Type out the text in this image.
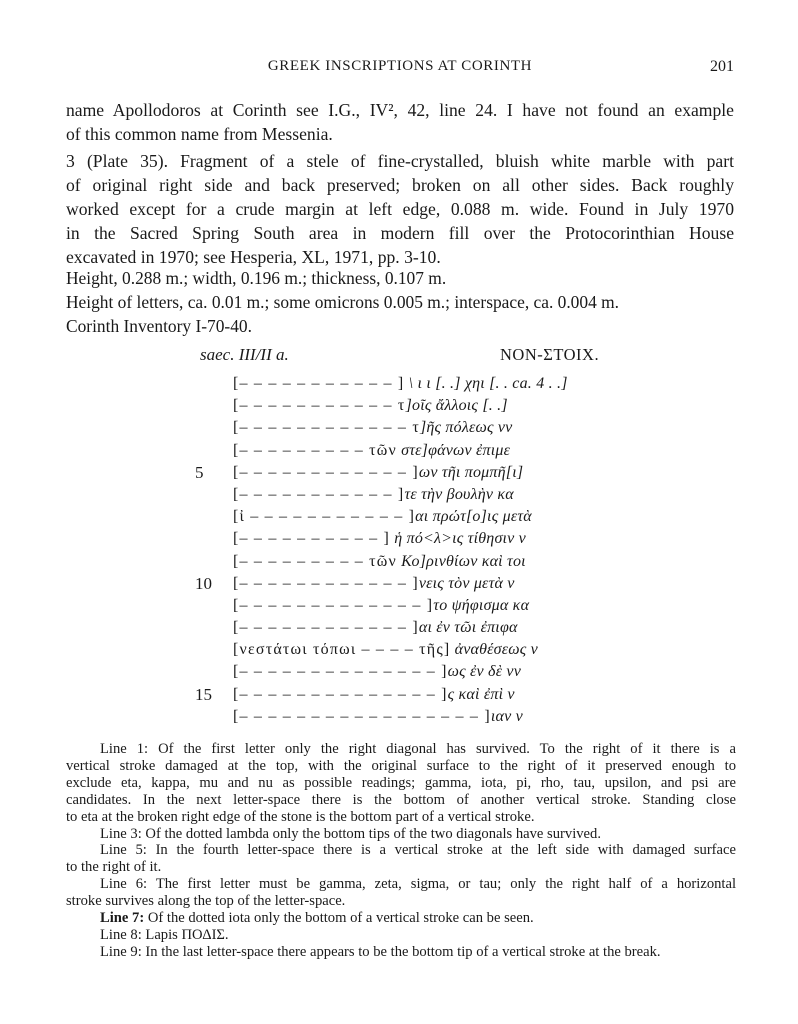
GREEK INSCRIPTIONS AT CORINTH	201
name Apollodoros at Corinth see I.G., IV², 42, line 24. I have not found an example
of this common name from Messenia.
3 (Plate 35). Fragment of a stele of fine-crystalled, bluish white marble with part
of original right side and back preserved; broken on all other sides. Back roughly
worked except for a crude margin at left edge, 0.088 m. wide. Found in July 1970
in the Sacred Spring South area in modern fill over the Protocorinthian House
excavated in 1970; see Hesperia, XL, 1971, pp. 3-10.
Height, 0.288 m.; width, 0.196 m.; thickness, 0.107 m.
Height of letters, ca. 0.01 m.; some omicrons 0.005 m.; interspace, ca. 0.004 m.
Corinth Inventory I-70-40.
saec. III/II a.	NON-ΣΤΟΙΧ.
[– – – – – – – – – – – ] \ ι ι [. .] χηι [. . ca. 4 . .]
[– – – – – – – – – – – τ]οῖς ἄλλοις [. .]
[– – – – – – – – – – – – τ]ῆς πόλεως vv
[– – – – – – – – – τῶν στε]φάνων ἐπιμε
5	[– – – – – – – – – – – – ]ων τῆι πομπῆ[ι]
[– – – – – – – – – – – ]τε τὴν βουλὴν κα
[ἰ – – – – – – – – – – – ]αι πρώτ[ο]ις μετὰ
[– – – – – – – – – – ] ἡ πό<λ>ις τίθησιν v
[– – – – – – – – – τῶν Κο]ρινθίων καὶ τοι
10	[– – – – – – – – – – – – ]νεις τὸν μετὰ v
[– – – – – – – – – – – – – ]το ψήφισμα κα
[– – – – – – – – – – – – ]αι ἐν τῶι ἐπιφα
[νεστάτωι τόπωι – – – – τῆς] ἀναθέσεως v
[– – – – – – – – – – – – – – ]ως ἐν δὲ vv
15	[– – – – – – – – – – – – – – ]ς καὶ ἐπὶ v
[– – – – – – – – – – – – – – – – – ]ιαν v
Line 1: Of the first letter only the right diagonal has survived. To the right of it there is a
vertical stroke damaged at the top, with the original surface to the right of it preserved enough to
exclude eta, kappa, mu and nu as possible readings; gamma, iota, pi, rho, tau, upsilon, and psi are
candidates. In the next letter-space there is the bottom of another vertical stroke. Standing close
to eta at the broken right edge of the stone is the bottom part of a vertical stroke.
Line 3: Of the dotted lambda only the bottom tips of the two diagonals have survived.
Line 5: In the fourth letter-space there is a vertical stroke at the left side with damaged surface
to the right of it.
Line 6: The first letter must be gamma, zeta, sigma, or tau; only the right half of a horizontal
stroke survives along the top of the letter-space.
Line 7: Of the dotted iota only the bottom of a vertical stroke can be seen.
Line 8: Lapis ΠΟΔΙΣ.
Line 9: In the last letter-space there appears to be the bottom tip of a vertical stroke at the break.
